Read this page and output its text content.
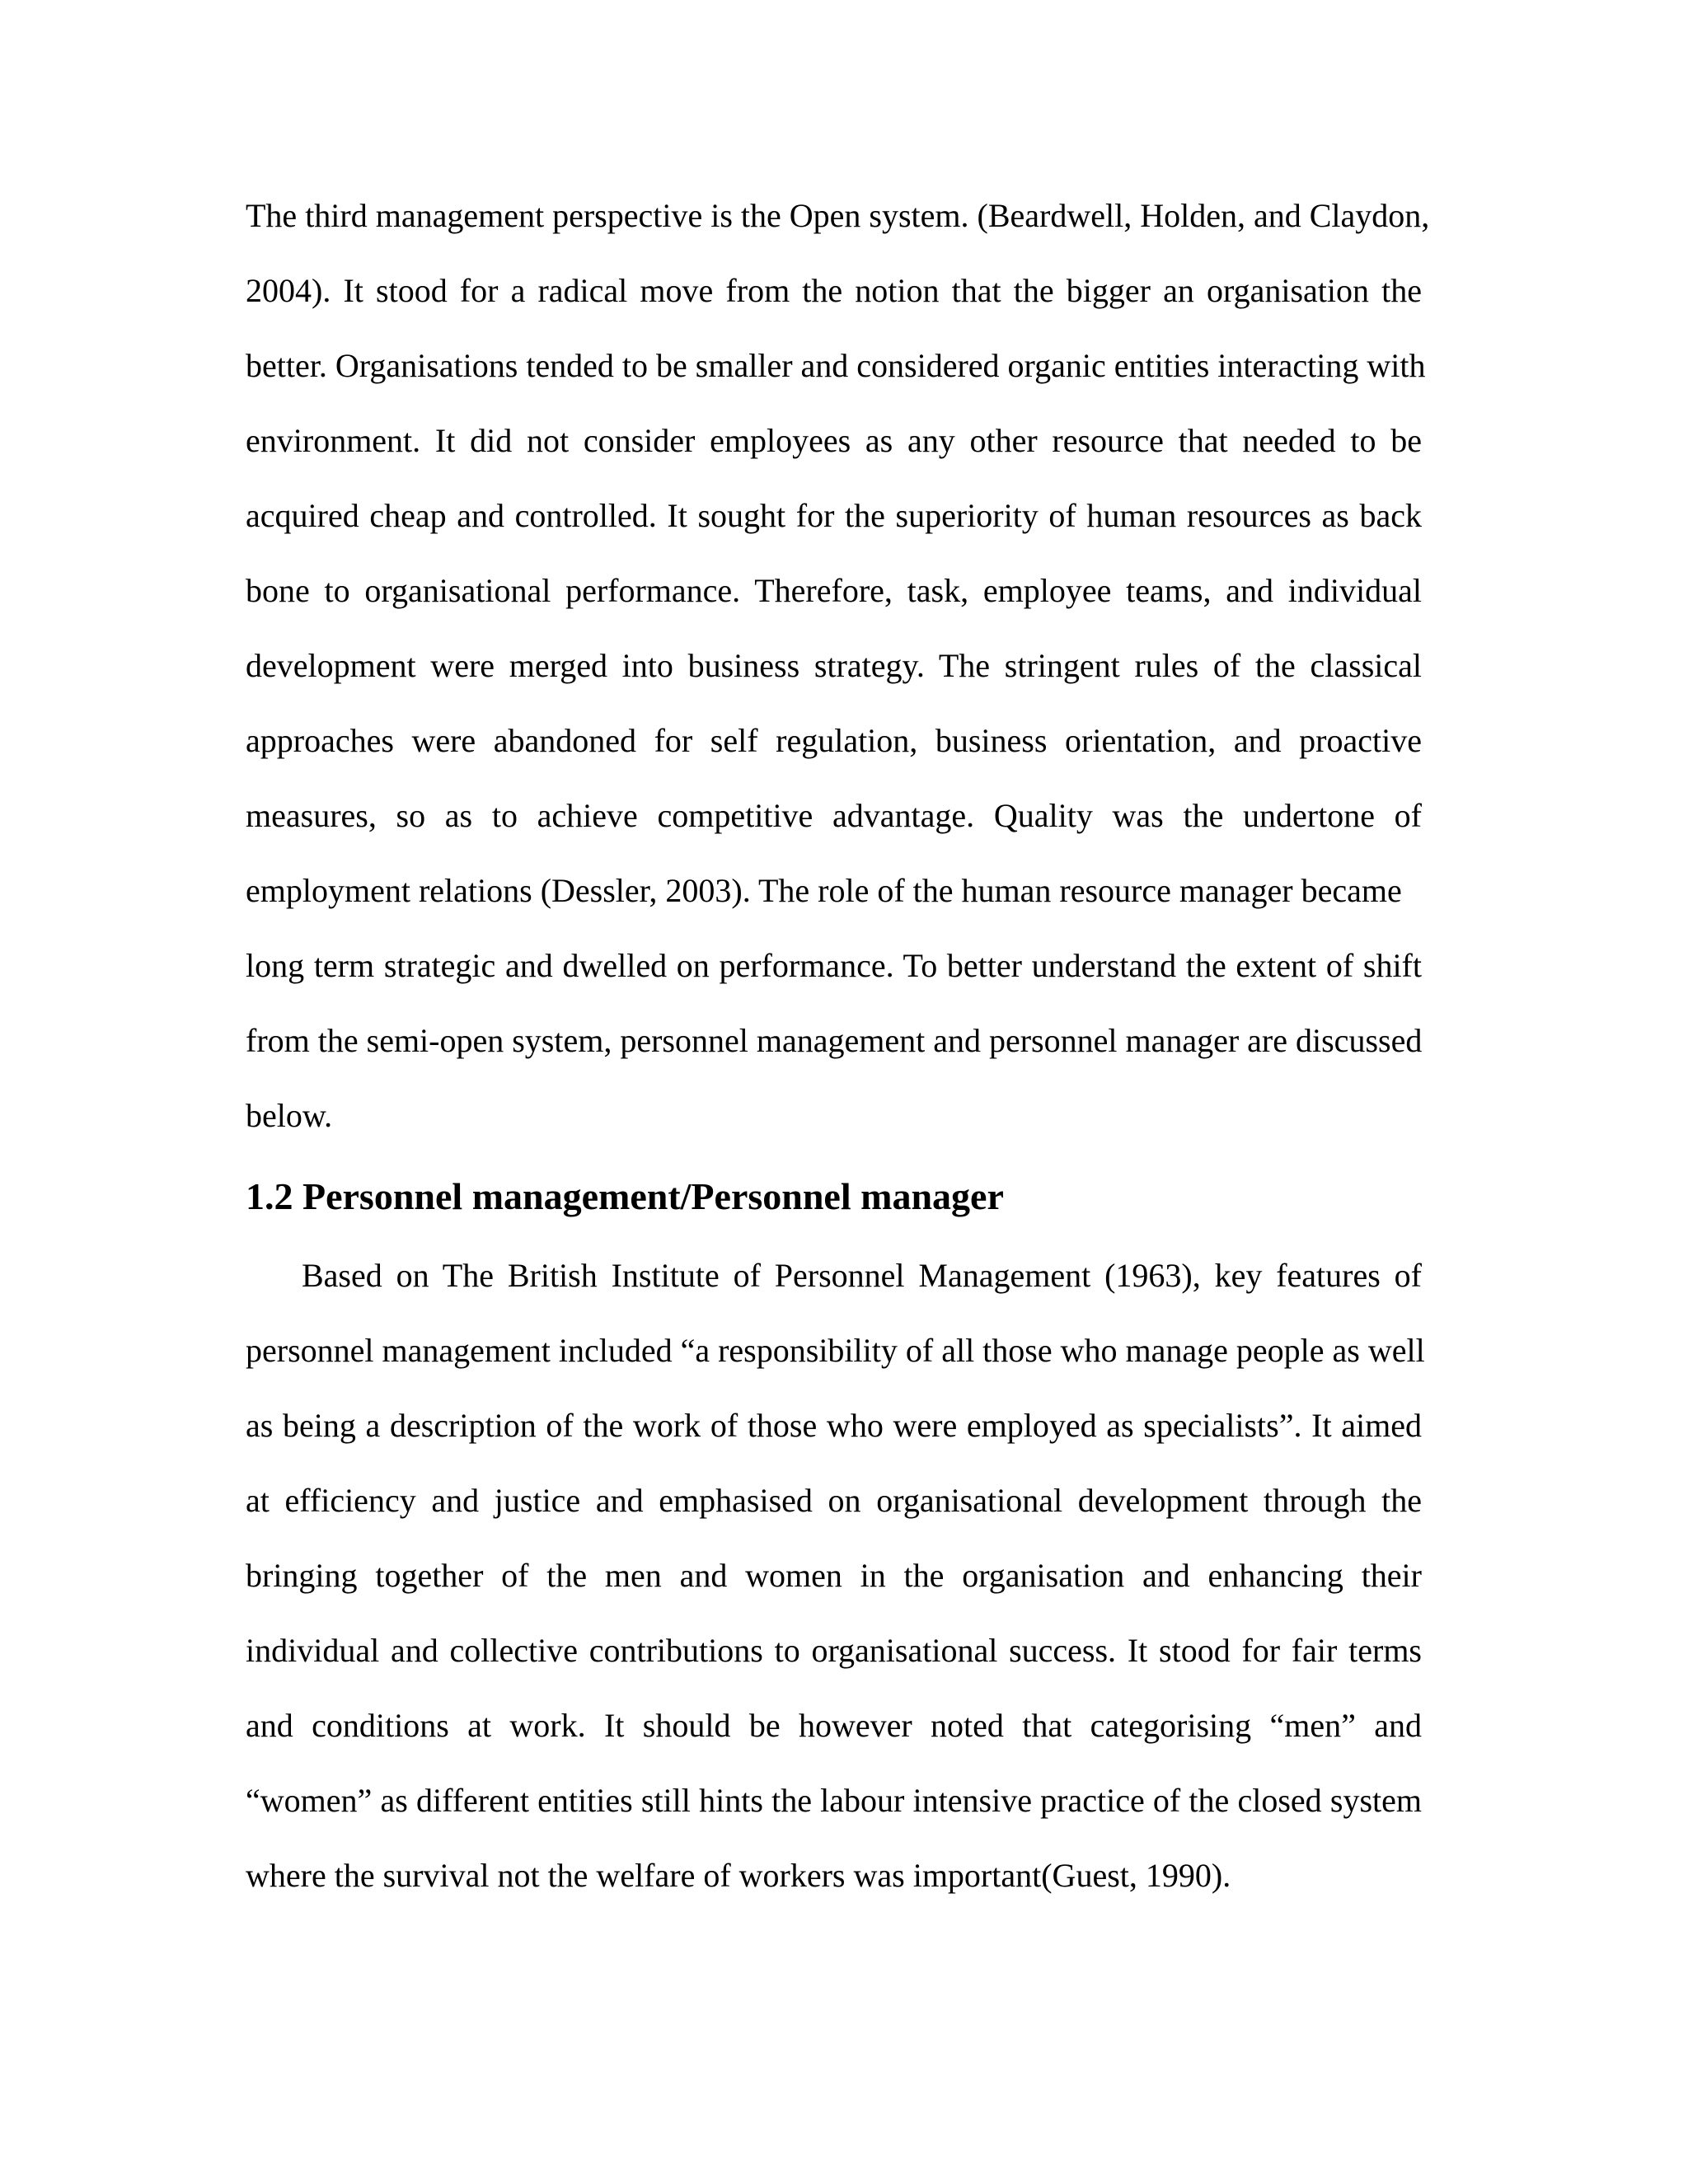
The third management perspective is the Open system. (Beardwell, Holden, and Claydon,
2004). It stood for a radical move from the notion that the bigger an organisation the
better. Organisations tended to be smaller and considered organic entities interacting with
environment. It did not consider employees as any other resource that needed to be
acquired cheap and controlled. It sought for the superiority of human resources as back
bone to organisational performance. Therefore, task, employee teams, and individual
development were merged into business strategy. The stringent rules of the classical
approaches were abandoned for self regulation, business orientation, and proactive
measures, so as to achieve competitive advantage. Quality was the undertone of
employment relations (Dessler, 2003). The role of the human resource manager became
long term strategic and dwelled on performance. To better understand the extent of shift
from the semi-open system, personnel management and personnel manager are discussed
below.
1.2 Personnel management/Personnel manager
Based on The British Institute of Personnel Management (1963), key features of
personnel management included “a responsibility of all those who manage people as well
as being a description of the work of those who were employed as specialists”. It aimed
at efficiency and justice and emphasised on organisational development through the
bringing together of the men and women in the organisation and enhancing their
individual and collective contributions to organisational success. It stood for fair terms
and conditions at work. It should be however noted that categorising “men” and
“women” as different entities still hints the labour intensive practice of the closed system
where the survival not the welfare of workers was important(Guest, 1990).
